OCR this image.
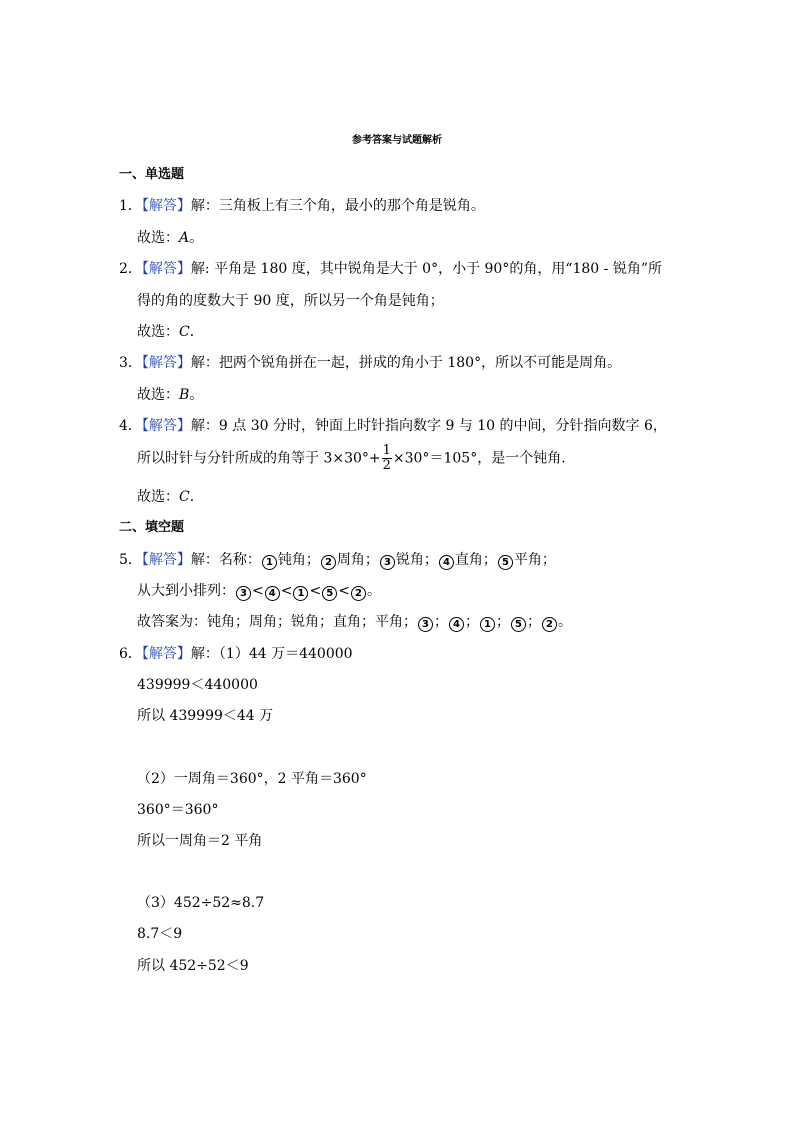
参考答案与试题解析
一、单选题
1．【解答】解：三角板上有三个角，最小的那个角是锐角。
故选：A。
2．【解答】解: 平角是 180 度，其中锐角是大于 0°，小于 90°的角，用“180 - 锐角”所
得的角的度数大于 90 度，所以另一个角是钝角；
故选：C．
3．【解答】解：把两个锐角拼在一起，拼成的角小于 180°，所以不可能是周角。
故选：B。
4．【解答】解：9 点 30 分时，钟面上时针指向数字 9 与 10 的中间，分针指向数字 6，
所以时针与分针所成的角等于 $3\times 30^\circ+ \frac{1}{2} \times 30^\circ=105^\circ$，是一个钝角.
故选：C．
二、填空题
5．【解答】解：名称： 1 钝角； 2 周角； 3 锐角； 4 直角； 5 平角；
从大到小排列： 3 < 4 < 1 < 5 < 2 。
故答案为：钝角；周角；锐角；直角；平角； 3 ； 4 ； 1 ； 5 ； 2 。
6．【解答】解：（1）44 万＝440000
439999＜440000
所以 439999＜44 万
（2）一周角＝360°，2 平角＝360°
360°＝360°
所以一周角＝2 平角
（3）452÷52≈8.7
8.7＜9
所以 452÷52＜9
